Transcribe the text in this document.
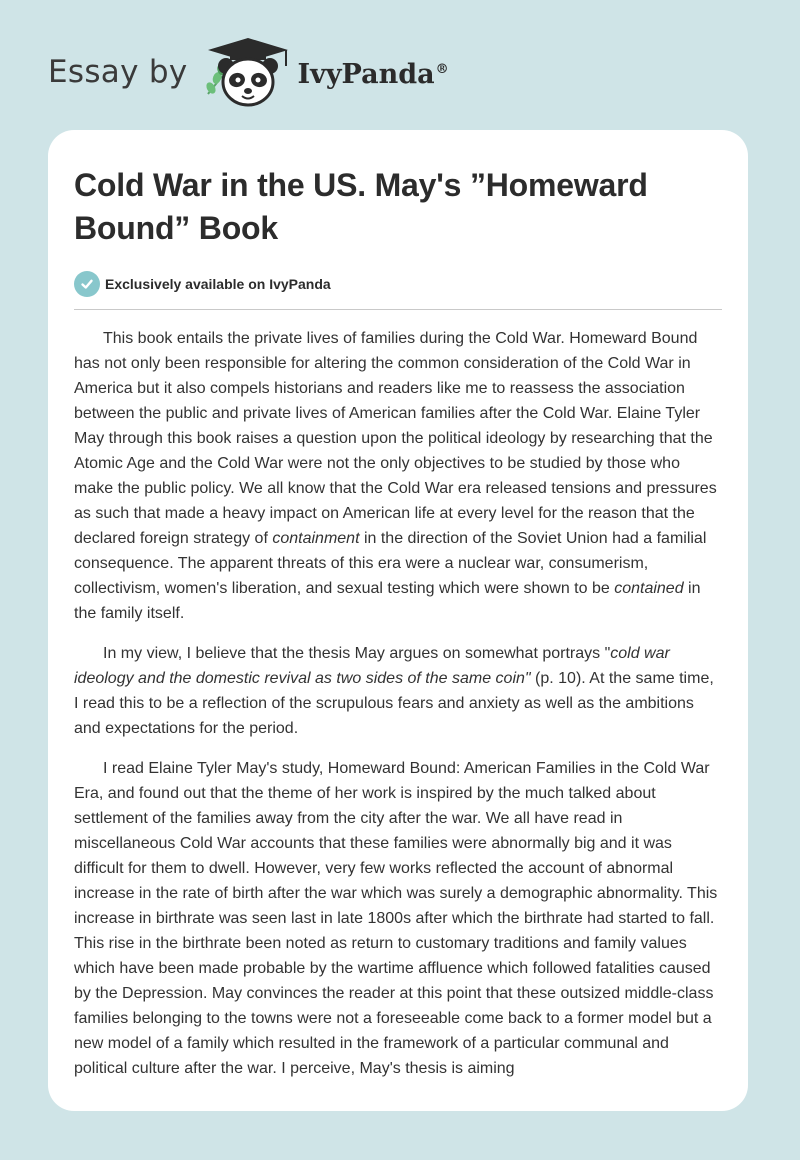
Essay by	IvyPanda®
Cold War in the US. May's ”Homeward Bound” Book
Exclusively available on IvyPanda

This book entails the private lives of families during the Cold War. Homeward Bound has not only been responsible for altering the common consideration of the Cold War in America but it also compels historians and readers like me to reassess the association between the public and private lives of American families after the Cold War. Elaine Tyler May through this book raises a question upon the political ideology by researching that the Atomic Age and the Cold War were not the only objectives to be studied by those who make the public policy. We all know that the Cold War era released tensions and pressures as such that made a heavy impact on American life at every level for the reason that the declared foreign strategy of containment in the direction of the Soviet Union had a familial consequence. The apparent threats of this era were a nuclear war, consumerism, collectivism, women's liberation, and sexual testing which were shown to be contained in the family itself.

In my view, I believe that the thesis May argues on somewhat portrays "cold war ideology and the domestic revival as two sides of the same coin" (p. 10). At the same time, I read this to be a reflection of the scrupulous fears and anxiety as well as the ambitions and expectations for the period.

I read Elaine Tyler May's study, Homeward Bound: American Families in the Cold War Era, and found out that the theme of her work is inspired by the much talked about settlement of the families away from the city after the war. We all have read in miscellaneous Cold War accounts that these families were abnormally big and it was difficult for them to dwell. However, very few works reflected the account of abnormal increase in the rate of birth after the war which was surely a demographic abnormality. This increase in birthrate was seen last in late 1800s after which the birthrate had started to fall. This rise in the birthrate been noted as return to customary traditions and family values which have been made probable by the wartime affluence which followed fatalities caused by the Depression. May convinces the reader at this point that these outsized middle-class families belonging to the towns were not a foreseeable come back to a former model but a new model of a family which resulted in the framework of a particular communal and political culture after the war. I perceive, May's thesis is aiming
